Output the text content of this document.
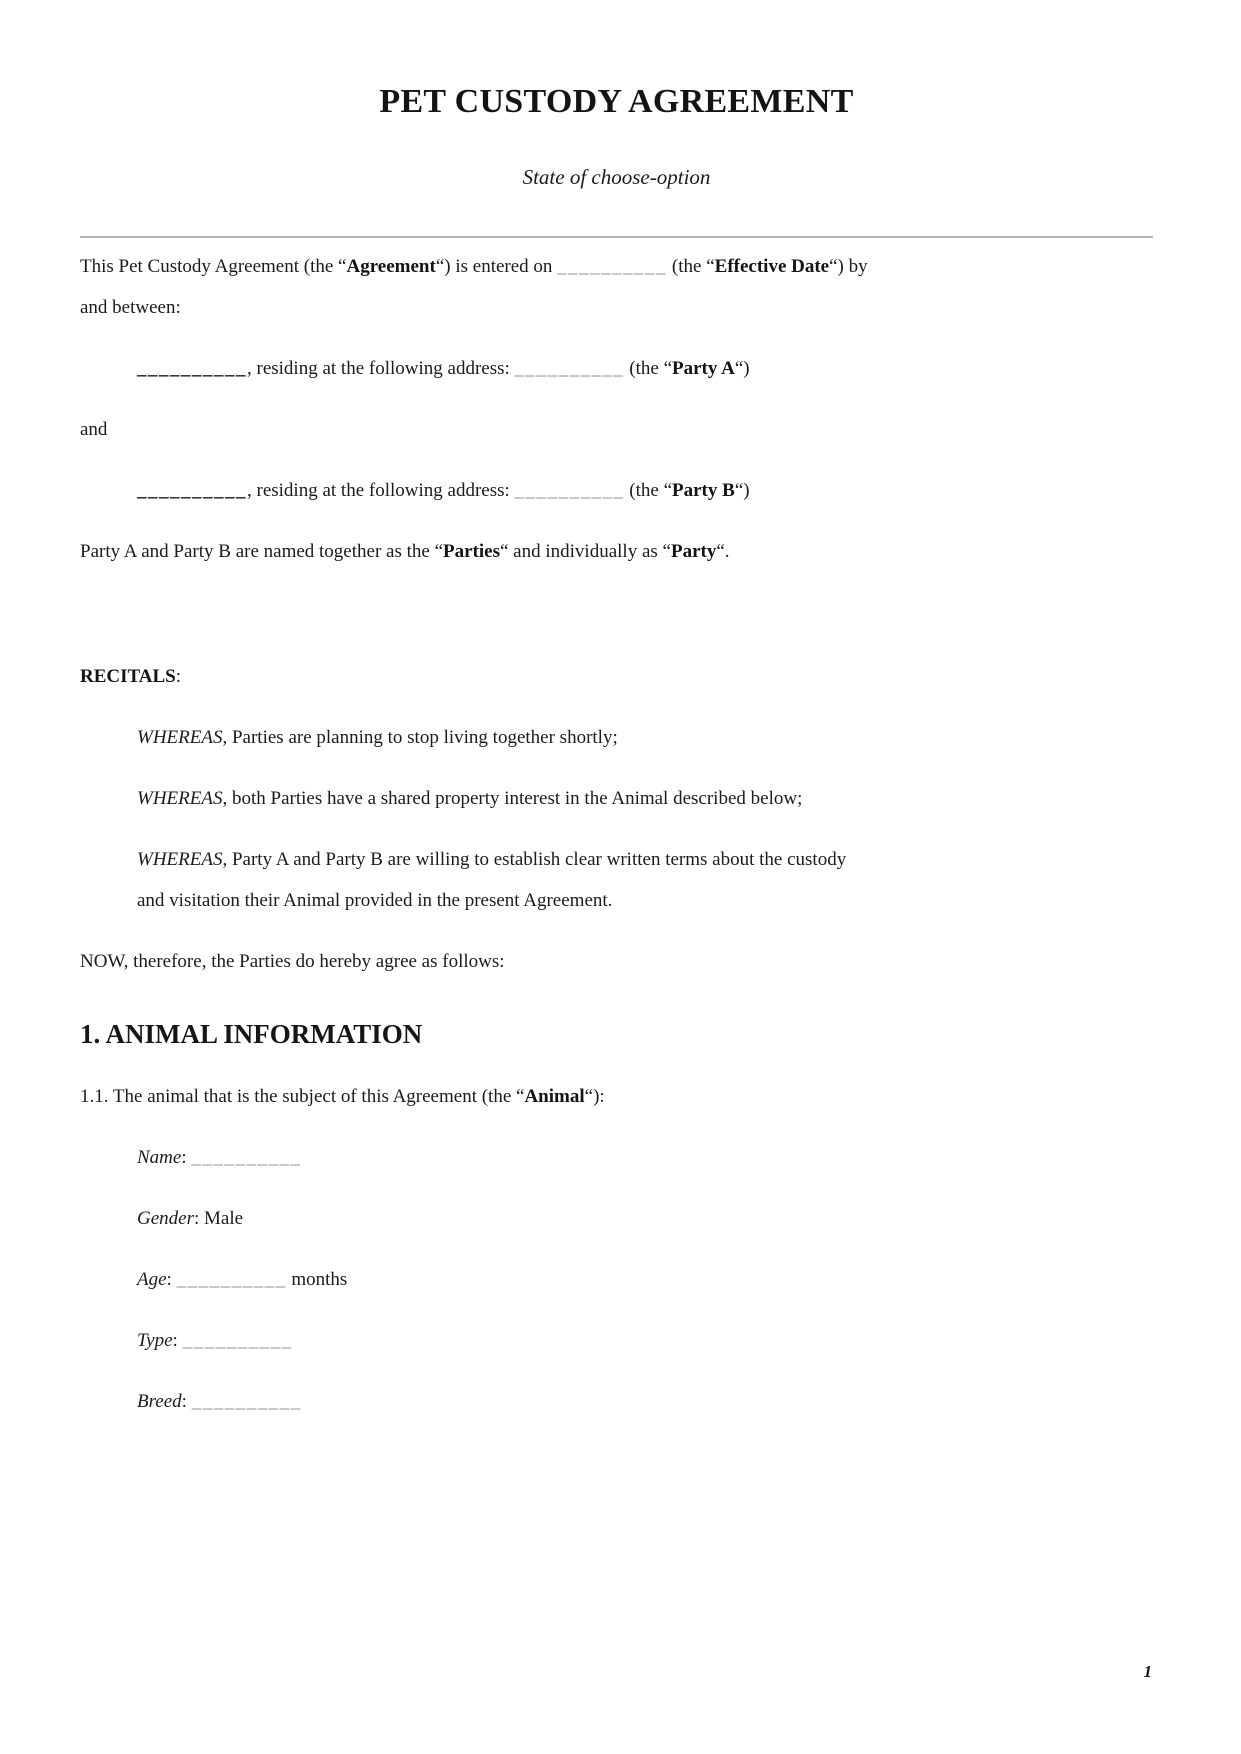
PET CUSTODY AGREEMENT
State of choose-option

This Pet Custody Agreement (the “Agreement“) is entered on __________ (the “Effective Date“) by
and between:

__________, residing at the following address: __________ (the “Party A“)

and

__________, residing at the following address: __________ (the “Party B“)

Party A and Party B are named together as the “Parties“ and individually as “Party“.

RECITALS:

WHEREAS, Parties are planning to stop living together shortly;

WHEREAS, both Parties have a shared property interest in the Animal described below;

WHEREAS, Party A and Party B are willing to establish clear written terms about the custody
and visitation their Animal provided in the present Agreement.

NOW, therefore, the Parties do hereby agree as follows:

1. ANIMAL INFORMATION

1.1. The animal that is the subject of this Agreement (the “Animal“):

Name: __________

Gender: Male

Age: __________ months

Type: __________

Breed: __________

1
